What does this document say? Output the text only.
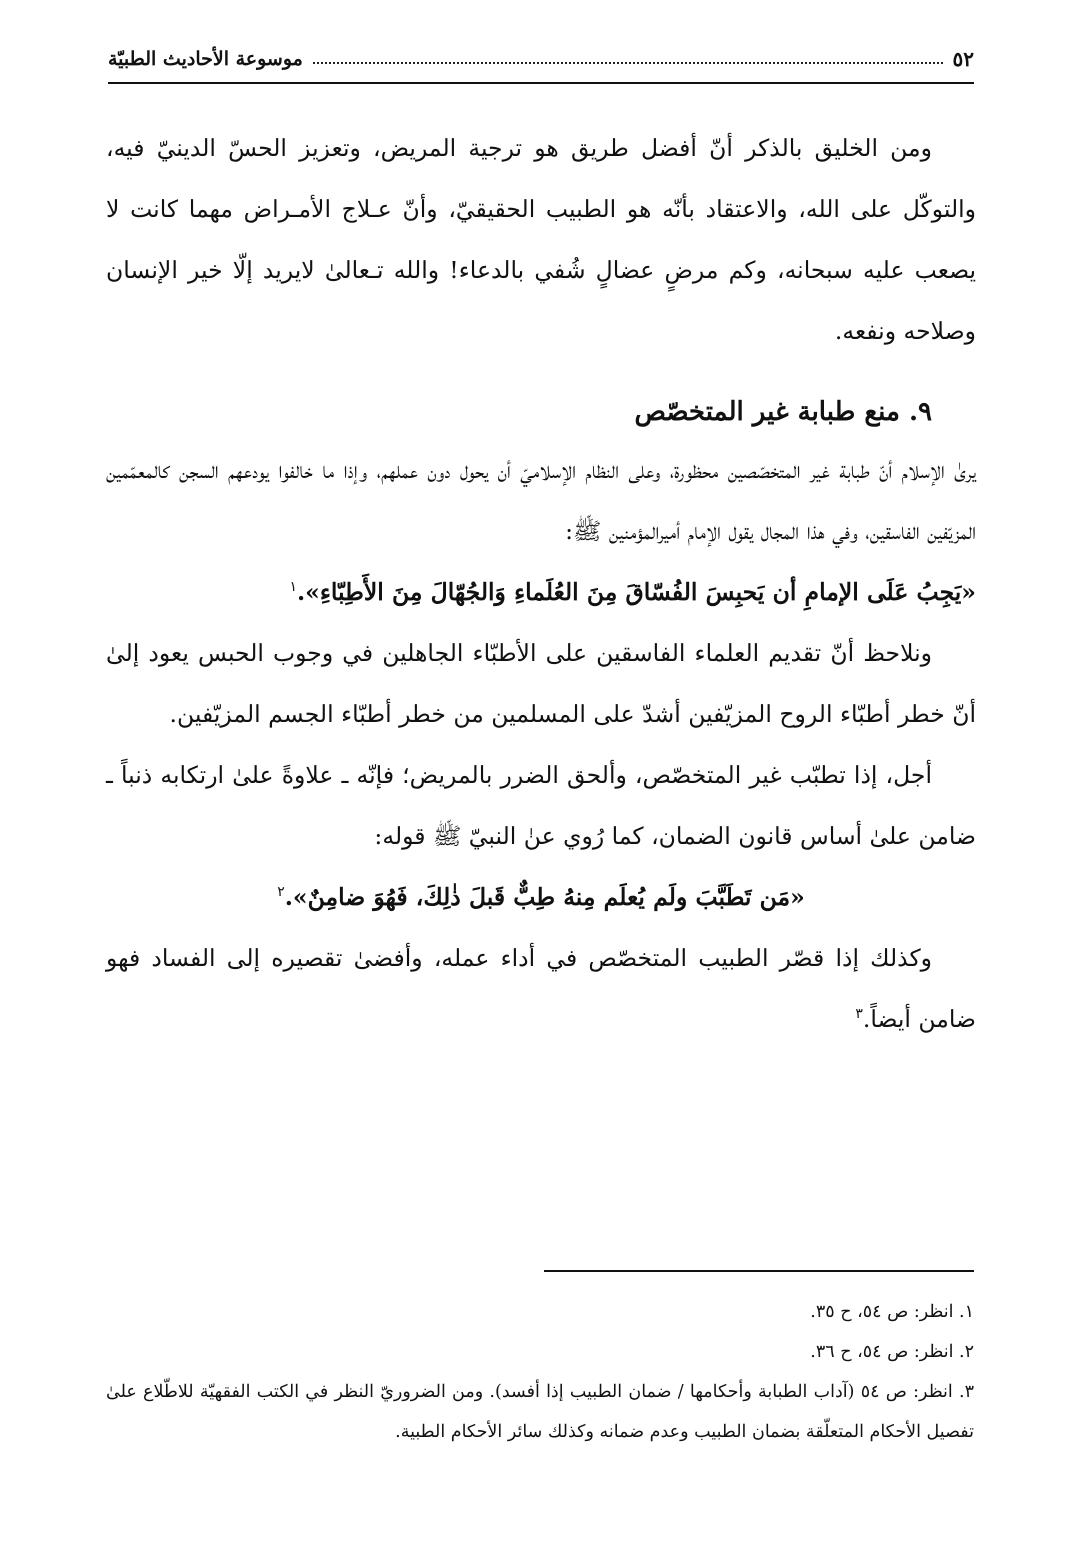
٥٢
موسوعة الأحاديث الطبيّة

ومن الخليق بالذكر أنّ أفضل طريق هو ترجية المريض، وتعزيز الحسّ الدينيّ فيه، والتوكّل على الله، والاعتقاد بأنّه هو الطبيب الحقيقيّ، وأنّ عـلاج الأمـراض مهما كانت لا يصعب عليه سبحانه، وكم مرضٍ عضالٍ شُفي بالدعاء! والله تـعالىٰ لايريد إلّا خير الإنسان وصلاحه ونفعه.

٩. منع طبابة غير المتخصّص

يرىٰ الإسلام أنّ طبابة غير المتخصّصين محظورة، وعلى النظام الإسلاميّ أن يحول دون عملهم، وإذا ما خالفوا يودعهم السجن كالمعمّمين المزيّفين الفاسقين، وفي هذا المجال يقول الإمام أميرالمؤمنين ﷺ:

«يَجِبُ عَلَى الإمامِ أن يَحبِسَ الفُسّاقَ مِنَ العُلَماءِ وَالجُهّالَ مِنَ الأَطِبّاءِ».$^١$

ونلاحظ أنّ تقديم العلماء الفاسقين على الأطبّاء الجاهلين في وجوب الحبس يعود إلىٰ أنّ خطر أطبّاء الروح المزيّفين أشدّ على المسلمين من خطر أطبّاء الجسم المزيّفين.

أجل، إذا تطبّب غير المتخصّص، وألحق الضرر بالمريض؛ فإنّه ـ علاوةً علىٰ ارتكابه ذنباً ـ ضامن علىٰ أساس قانون الضمان، كما رُوي عنٰ النبيّ ﷺ قوله:

«مَن تَطَبَّبَ ولَم يُعلَم مِنهُ طِبٌّ قَبلَ ذٰلِكَ، فَهُوَ ضامِنٌ».$^٢$

وكذلك إذا قصّر الطبيب المتخصّص في أداء عمله، وأفضىٰ تقصيره إلى الفساد فهو ضامن أيضاً.$^٣$

١. انظر: ص ٥٤، ح ٣٥.

٢. انظر: ص ٥٤، ح ٣٦.

٣. انظر: ص ٥٤ (آداب الطبابة وأحكامها / ضمان الطبيب إذا أفسد). ومن الضروريّ النظر في الكتب الفقهيّة للاطّلاع علىٰ تفصيل الأحكام المتعلّقة بضمان الطبيب وعدم ضمانه وكذلك سائر الأحكام الطبية.
